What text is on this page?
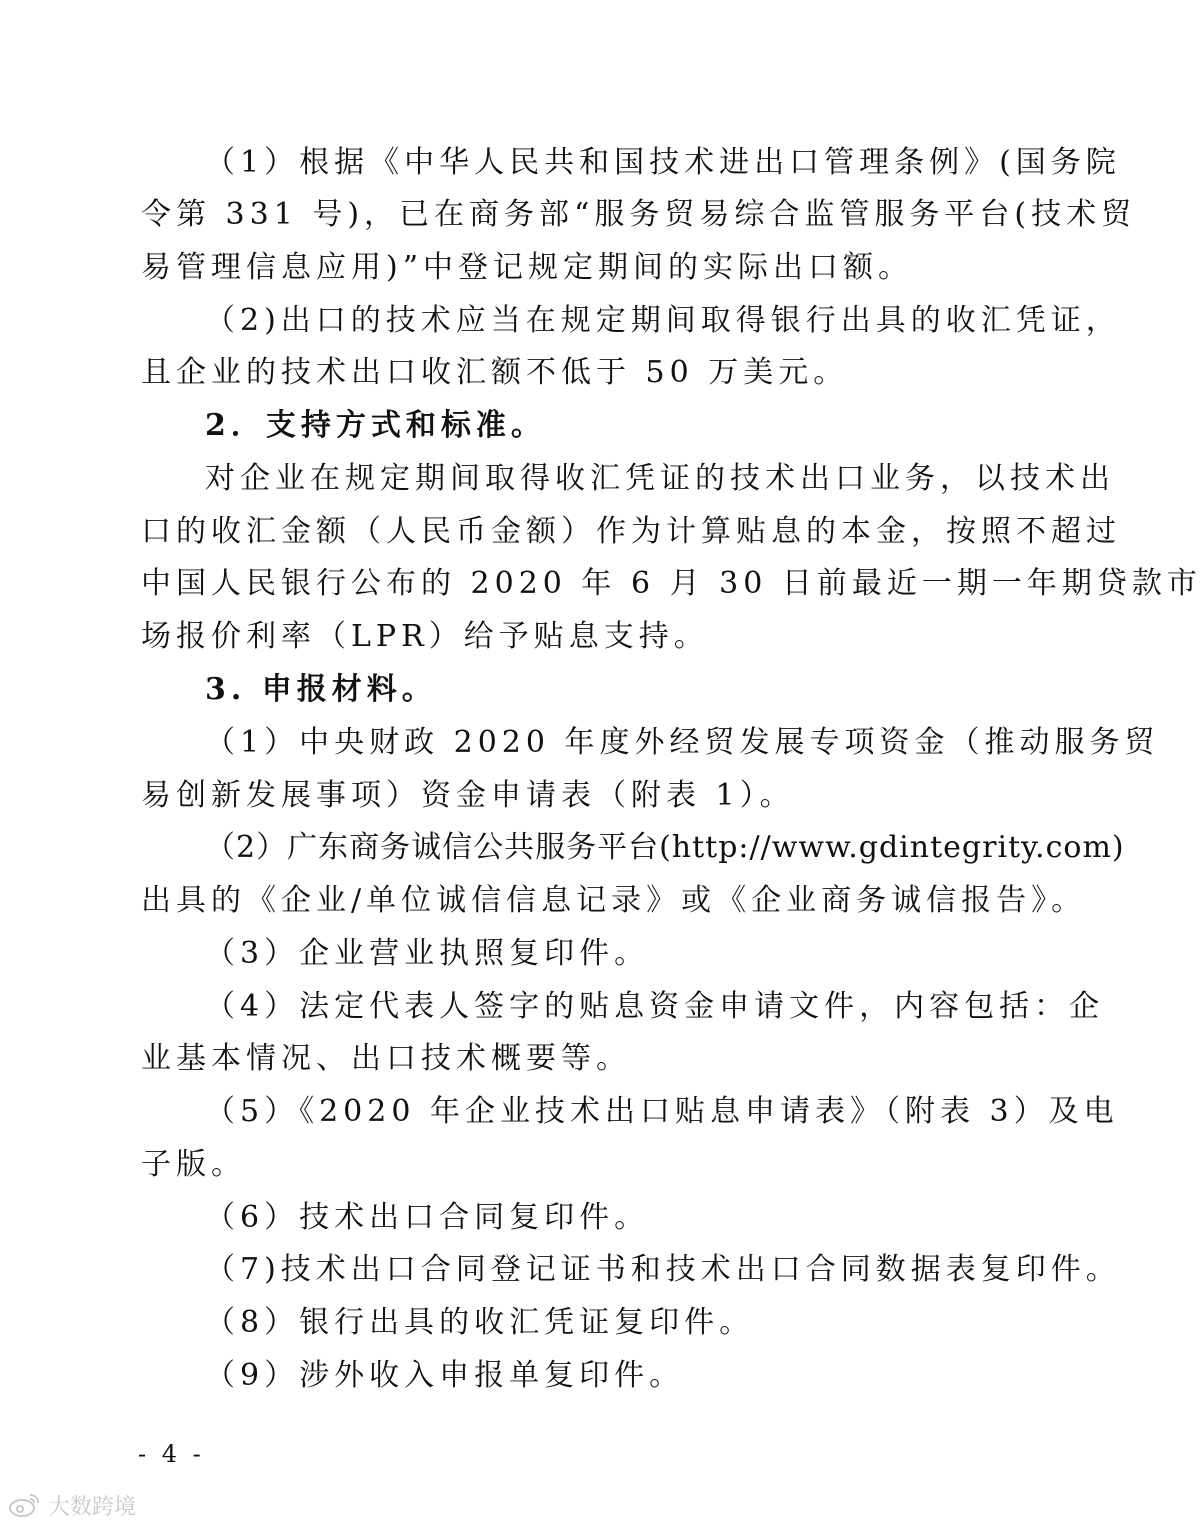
（1）根据《中华人民共和国技术进出口管理条例》(国务院
令第 331 号)，已在商务部“服务贸易综合监管服务平台(技术贸
易管理信息应用)”中登记规定期间的实际出口额。
（2)出口的技术应当在规定期间取得银行出具的收汇凭证，
且企业的技术出口收汇额不低于 50 万美元。
2．支持方式和标准。
对企业在规定期间取得收汇凭证的技术出口业务，以技术出
口的收汇金额（人民币金额）作为计算贴息的本金，按照不超过
中国人民银行公布的 2020 年 6 月 30 日前最近一期一年期贷款市
场报价利率（LPR）给予贴息支持。
3. 申报材料。
（1）中央财政 2020 年度外经贸发展专项资金（推动服务贸
易创新发展事项）资金申请表（附表 1）。
（2）广东商务诚信公共服务平台(http://www.gdintegrity.com)
出具的《企业/单位诚信信息记录》或《企业商务诚信报告》。
（3）企业营业执照复印件。
（4）法定代表人签字的贴息资金申请文件，内容包括：企
业基本情况、出口技术概要等。
（5）《2020 年企业技术出口贴息申请表》（附表 3）及电
子版。
（6）技术出口合同复印件。
（7)技术出口合同登记证书和技术出口合同数据表复印件。
（8）银行出具的收汇凭证复印件。
（9）涉外收入申报单复印件。
- 4 -
大数跨境
